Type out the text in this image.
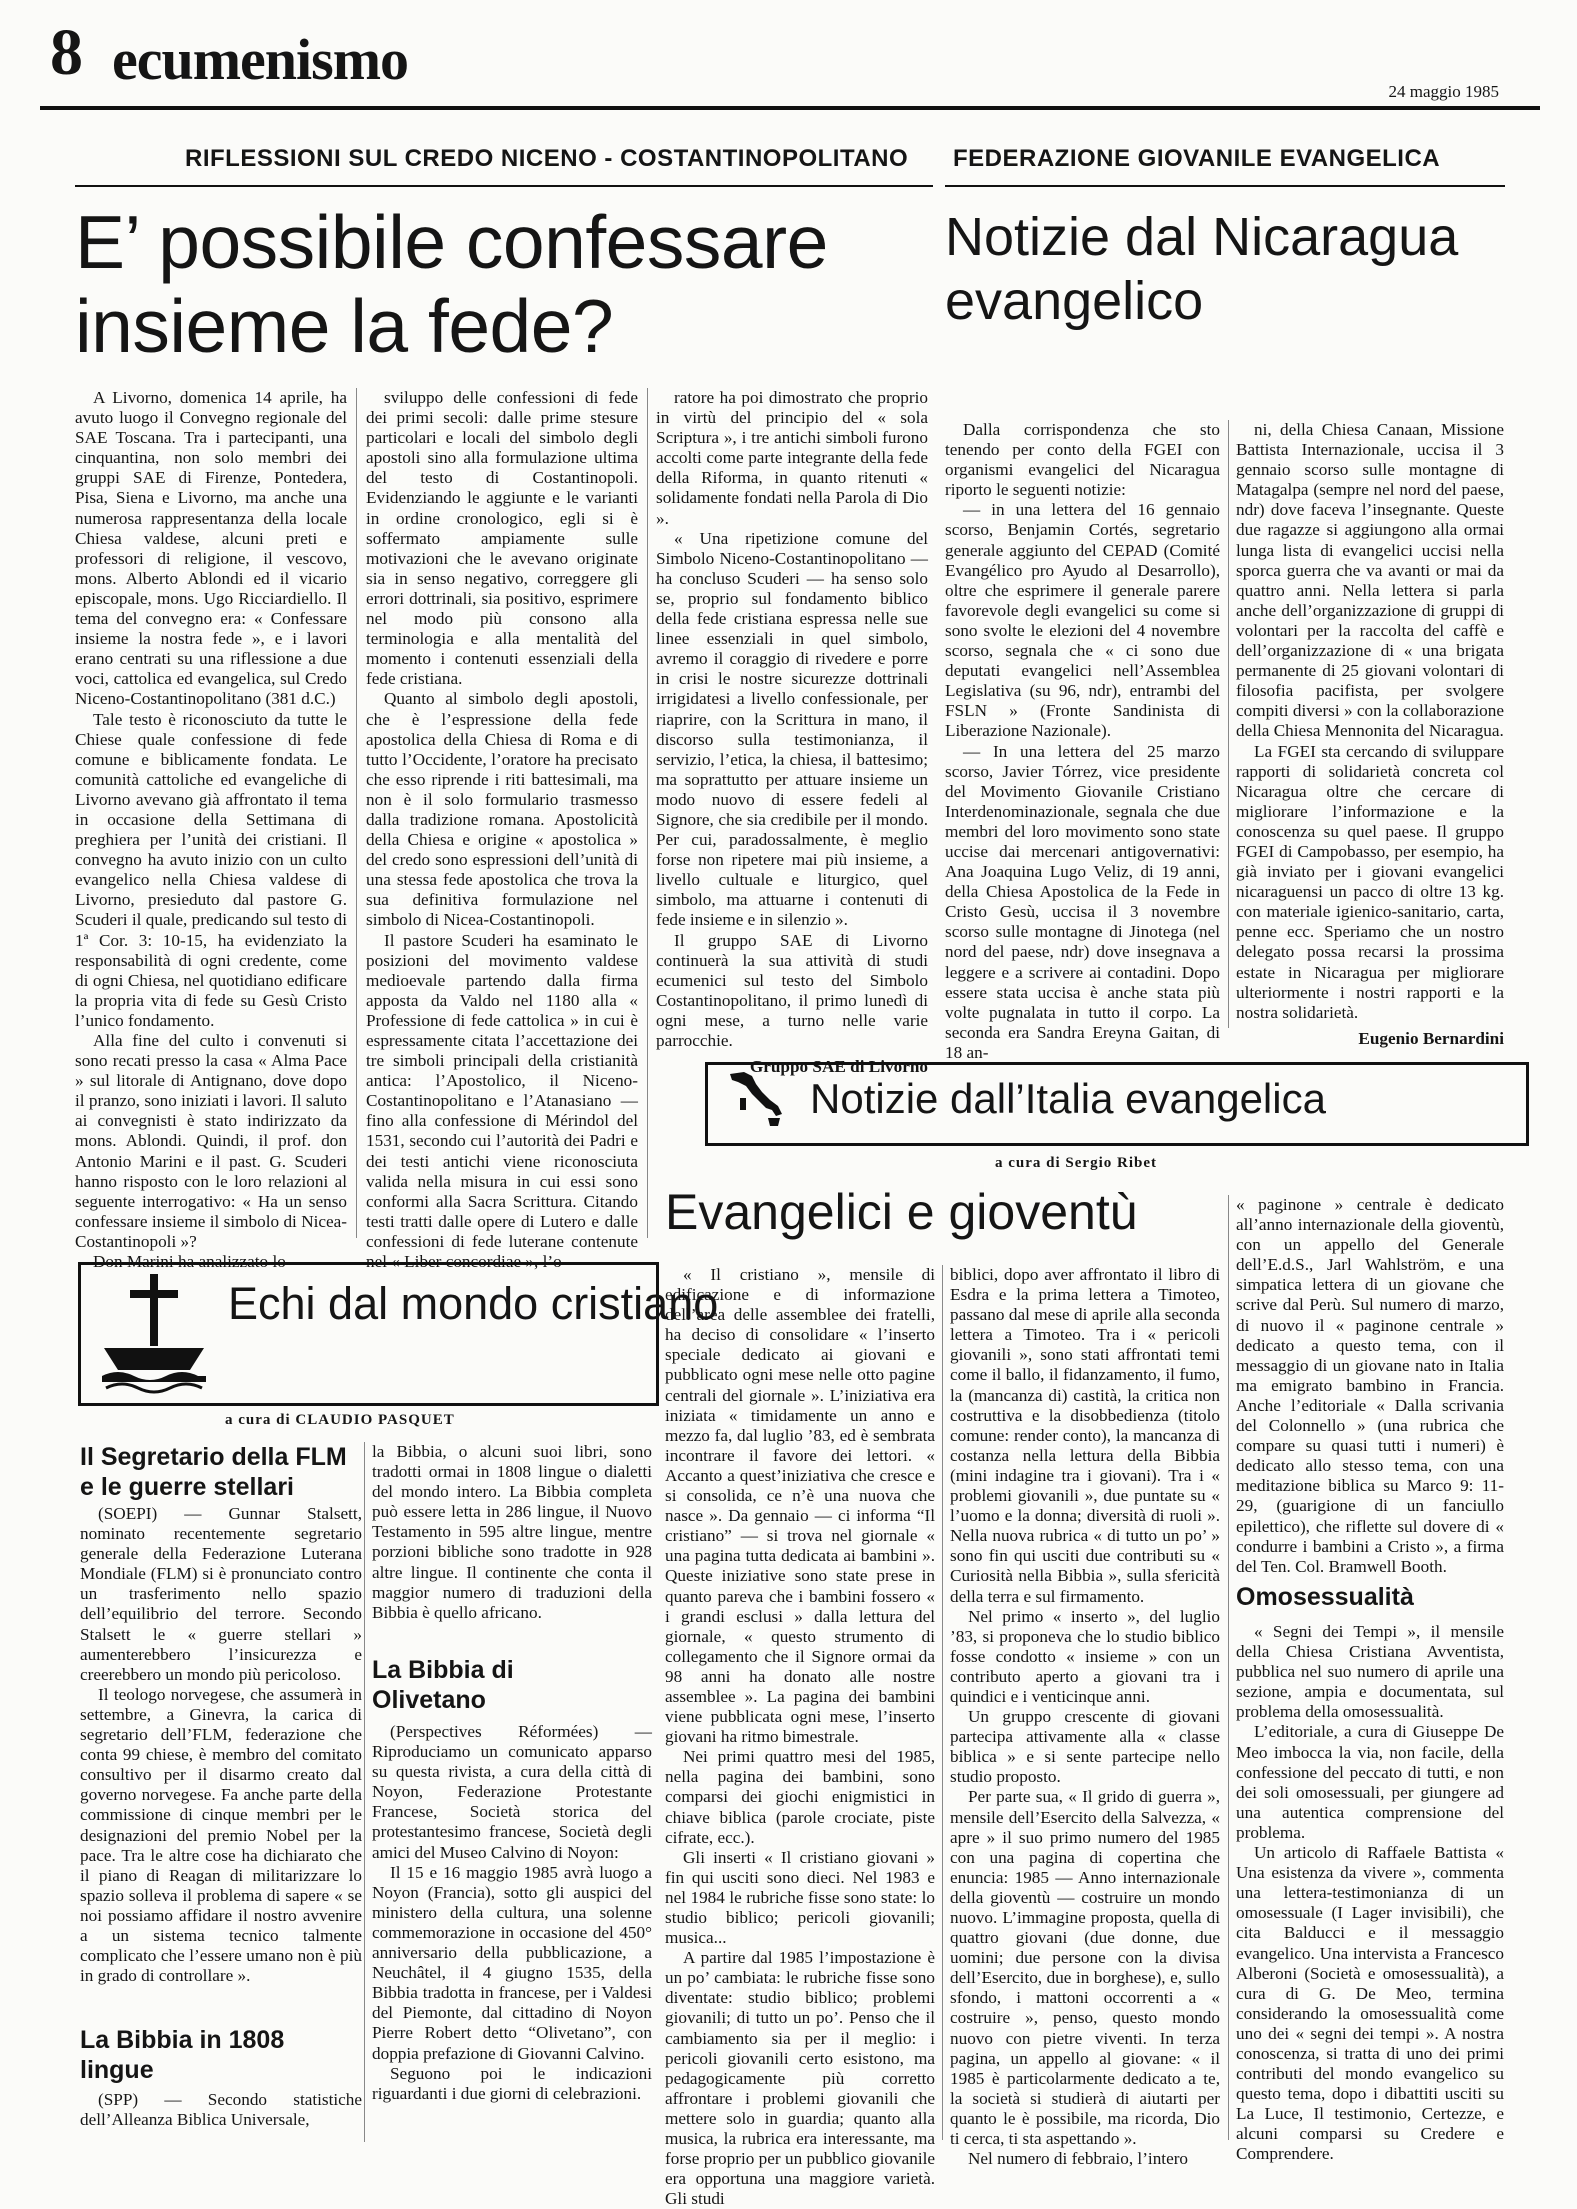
8 ecumenismo	24 maggio 1985
RIFLESSIONI SUL CREDO NICENO - COSTANTINOPOLITANO FEDERAZIONE GIOVANILE EVANGELICA
E’ possibile confessare insieme la fede?

A Livorno, domenica 14 aprile, ha avuto luogo il Convegno regionale del SAE Toscana. Tra i partecipanti, una cinquantina, non solo membri dei gruppi SAE di Firenze, Pontedera, Pisa, Siena e Livorno, ma anche una numerosa rappresentanza della locale Chiesa valdese, alcuni preti e professori di religione, il vescovo, mons. Alberto Ablondi ed il vicario episcopale, mons. Ugo Ricciardiello. Il tema del convegno era: « Confessare insieme la nostra fede », e i lavori erano centrati su una riflessione a due voci, cattolica ed evangelica, sul Credo Niceno-Costantinopolitano (381 d.C.)

Tale testo è riconosciuto da tutte le Chiese quale confessione di fede comune e biblicamente fondata. Le comunità cattoliche ed evangeliche di Livorno avevano già affrontato il tema in occasione della Settimana di preghiera per l’unità dei cristiani. Il convegno ha avuto inizio con un culto evangelico nella Chiesa valdese di Livorno, presieduto dal pastore G. Scuderi il quale, predicando sul testo di 1ª Cor. 3: 10-15, ha evidenziato la responsabilità di ogni credente, come di ogni Chiesa, nel quotidiano edificare la propria vita di fede su Gesù Cristo l’unico fondamento.

Alla fine del culto i convenuti si sono recati presso la casa « Alma Pace » sul litorale di Antignano, dove dopo il pranzo, sono iniziati i lavori. Il saluto ai convegnisti è stato indirizzato da mons. Ablondi. Quindi, il prof. don Antonio Marini e il past. G. Scuderi hanno risposto con le loro relazioni al seguente interrogativo: « Ha un senso confessare insieme il simbolo di Nicea-Costantinopoli »?

Don Marini ha analizzato lo

sviluppo delle confessioni di fede dei primi secoli: dalle prime stesure particolari e locali del simbolo degli apostoli sino alla formulazione ultima del testo di Costantinopoli. Evidenziando le aggiunte e le varianti in ordine cronologico, egli si è soffermato ampiamente sulle motivazioni che le avevano originate sia in senso negativo, correggere gli errori dottrinali, sia positivo, esprimere nel modo più consono alla terminologia e alla mentalità del momento i contenuti essenziali della fede cristiana.

Quanto al simbolo degli apostoli, che è l’espressione della fede apostolica della Chiesa di Roma e di tutto l’Occidente, l’oratore ha precisato che esso riprende i riti battesimali, ma non è il solo formulario trasmesso dalla tradizione romana. Apostolicità della Chiesa e origine « apostolica » del credo sono espressioni dell’unità di una stessa fede apostolica che trova la sua definitiva formulazione nel simbolo di Nicea-Costantinopoli.

Il pastore Scuderi ha esaminato le posizioni del movimento valdese medioevale partendo dalla firma apposta da Valdo nel 1180 alla « Professione di fede cattolica » in cui è espressamente citata l’accettazione dei tre simboli principali della cristianità antica: l’Apostolico, il Niceno-Costantinopolitano e l’Atanasiano — fino alla confessione di Mérindol del 1531, secondo cui l’autorità dei Padri e dei testi antichi viene riconosciuta valida nella misura in cui essi sono conformi alla Sacra Scrittura. Citando testi tratti dalle opere di Lutero e dalle confessioni di fede luterane contenute nel « Liber concordiae », l’o-

ratore ha poi dimostrato che proprio in virtù del principio del « sola Scriptura », i tre antichi simboli furono accolti come parte integrante della fede della Riforma, in quanto ritenuti « solidamente fondati nella Parola di Dio ».

« Una ripetizione comune del Simbolo Niceno-Costantinopolitano — ha concluso Scuderi — ha senso solo se, proprio sul fondamento biblico della fede cristiana espressa nelle sue linee essenziali in quel simbolo, avremo il coraggio di rivedere e porre in crisi le nostre sicurezze dottrinali irrigidatesi a livello confessionale, per riaprire, con la Scrittura in mano, il discorso sulla testimonianza, il servizio, l’etica, la chiesa, il battesimo; ma soprattutto per attuare insieme un modo nuovo di essere fedeli al Signore, che sia credibile per il mondo. Per cui, paradossalmente, è meglio forse non ripetere mai più insieme, a livello cultuale e liturgico, quel simbolo, ma attuarne i contenuti di fede insieme e in silenzio ».

Il gruppo SAE di Livorno continuerà la sua attività di studi ecumenici sul testo del Simbolo Costantinopolitano, il primo lunedì di ogni mese, a turno nelle varie parrocchie.

Gruppo SAE di Livorno

Notizie dal Nicaragua evangelico

Dalla corrispondenza che sto tenendo per conto della FGEI con organismi evangelici del Nicaragua riporto le seguenti notizie:

— in una lettera del 16 gennaio scorso, Benjamin Cortés, segretario generale aggiunto del CEPAD (Comité Evangélico pro Ayudo al Desarrollo), oltre che esprimere il generale parere favorevole degli evangelici su come si sono svolte le elezioni del 4 novembre scorso, segnala che « ci sono due deputati evangelici nell’Assemblea Legislativa (su 96, ndr), entrambi del FSLN » (Fronte Sandinista di Liberazione Nazionale).

— In una lettera del 25 marzo scorso, Javier Tórrez, vice presidente del Movimento Giovanile Cristiano Interdenominazionale, segnala che due membri del loro movimento sono state uccise dai mercenari antigovernativi: Ana Joaquina Lugo Veliz, di 19 anni, della Chiesa Apostolica de la Fede in Cristo Gesù, uccisa il 3 novembre scorso sulle montagne di Jinotega (nel nord del paese, ndr) dove insegnava a leggere e a scrivere ai contadini. Dopo essere stata uccisa è anche stata più volte pugnalata in tutto il corpo. La seconda era Sandra Ereyna Gaitan, di 18 an-

ni, della Chiesa Canaan, Missione Battista Internazionale, uccisa il 3 gennaio scorso sulle montagne di Matagalpa (sempre nel nord del paese, ndr) dove faceva l’insegnante. Queste due ragazze si aggiungono alla ormai lunga lista di evangelici uccisi nella sporca guerra che va avanti or mai da quattro anni. Nella lettera si parla anche dell’organizzazione di gruppi di volontari per la raccolta del caffè e dell’organizzazione di « una brigata permanente di 25 giovani volontari di filosofia pacifista, per svolgere compiti diversi » con la collaborazione della Chiesa Mennonita del Nicaragua.

La FGEI sta cercando di sviluppare rapporti di solidarietà concreta col Nicaragua oltre che cercare di migliorare l’informazione e la conoscenza su quel paese. Il gruppo FGEI di Campobasso, per esempio, ha già inviato per i giovani evangelici nicaraguensi un pacco di oltre 13 kg. con materiale igienico-sanitario, carta, penne ecc. Speriamo che un nostro delegato possa recarsi la prossima estate in Nicaragua per migliorare ulteriormente i nostri rapporti e la nostra solidarietà.

Eugenio Bernardini

Notizie dall’Italia evangelica
a cura di Sergio Ribet
Evangelici e gioventù
Echi dal mondo cristiano
a cura di CLAUDIO PASQUET
Il Segretario della FLM e le guerre stellari

(SOEPI) — Gunnar Stalsett, nominato recentemente segretario generale della Federazione Luterana Mondiale (FLM) si è pronunciato contro un trasferimento nello spazio dell’equilibrio del terrore. Secondo Stalsett le « guerre stellari » aumenterebbero l’insicurezza e creerebbero un mondo più pericoloso.

Il teologo norvegese, che assumerà in settembre, a Ginevra, la carica di segretario dell’FLM, federazione che conta 99 chiese, è membro del comitato consultivo per il disarmo creato dal governo norvegese. Fa anche parte della commissione di cinque membri per le designazioni del premio Nobel per la pace. Tra le altre cose ha dichiarato che il piano di Reagan di militarizzare lo spazio solleva il problema di sapere « se noi possiamo affidare il nostro avvenire a un sistema tecnico talmente complicato che l’essere umano non è più in grado di controllare ».

La Bibbia in 1808 lingue

(SPP) — Secondo statistiche dell’Alleanza Biblica Universale,

la Bibbia, o alcuni suoi libri, sono tradotti ormai in 1808 lingue o dialetti del mondo intero. La Bibbia completa può essere letta in 286 lingue, il Nuovo Testamento in 595 altre lingue, mentre porzioni bibliche sono tradotte in 928 altre lingue. Il continente che conta il maggior numero di traduzioni della Bibbia è quello africano.

La Bibbia di Olivetano

(Perspectives Réformées) — Riproduciamo un comunicato apparso su questa rivista, a cura della città di Noyon, Federazione Protestante Francese, Società storica del protestantesimo francese, Società degli amici del Museo Calvino di Noyon:

Il 15 e 16 maggio 1985 avrà luogo a Noyon (Francia), sotto gli auspici del ministero della cultura, una solenne commemorazione in occasione del 450° anniversario della pubblicazione, a Neuchâtel, il 4 giugno 1535, della Bibbia tradotta in francese, per i Valdesi del Piemonte, dal cittadino di Noyon Pierre Robert detto “Olivetano”, con doppia prefazione di Giovanni Calvino.

Seguono poi le indicazioni riguardanti i due giorni di celebrazioni.

« Il cristiano », mensile di edificazione e di informazione dell’area delle assemblee dei fratelli, ha deciso di consolidare « l’inserto speciale dedicato ai giovani e pubblicato ogni mese nelle otto pagine centrali del giornale ». L’iniziativa era iniziata « timidamente un anno e mezzo fa, dal luglio ’83, ed è sembrata incontrare il favore dei lettori. « Accanto a quest’iniziativa che cresce e si consolida, ce n’è una nuova che nasce ». Da gennaio — ci informa “Il cristiano” — si trova nel giornale « una pagina tutta dedicata ai bambini ». Queste iniziative sono state prese in quanto pareva che i bambini fossero « i grandi esclusi » dalla lettura del giornale, « questo strumento di collegamento che il Signore ormai da 98 anni ha donato alle nostre assemblee ». La pagina dei bambini viene pubblicata ogni mese, l’inserto giovani ha ritmo bimestrale.

Nei primi quattro mesi del 1985, nella pagina dei bambini, sono comparsi dei giochi enigmistici in chiave biblica (parole crociate, piste cifrate, ecc.).

Gli inserti « Il cristiano giovani » fin qui usciti sono dieci. Nel 1983 e nel 1984 le rubriche fisse sono state: lo studio biblico; pericoli giovanili; musica...

A partire dal 1985 l’impostazione è un po’ cambiata: le rubriche fisse sono diventate: studio biblico; problemi giovanili; di tutto un po’. Penso che il cambiamento sia per il meglio: i pericoli giovanili certo esistono, ma pedagogicamente più corretto affrontare i problemi giovanili che mettere solo in guardia; quanto alla musica, la rubrica era interessante, ma forse proprio per un pubblico giovanile era opportuna una maggiore varietà. Gli studi

biblici, dopo aver affrontato il libro di Esdra e la prima lettera a Timoteo, passano dal mese di aprile alla seconda lettera a Timoteo. Tra i « pericoli giovanili », sono stati affrontati temi come il ballo, il fidanzamento, il fumo, la (mancanza di) castità, la critica non costruttiva e la disobbedienza (titolo comune: render conto), la mancanza di costanza nella lettura della Bibbia (mini indagine tra i giovani). Tra i « problemi giovanili », due puntate su « l’uomo e la donna; diversità di ruoli ». Nella nuova rubrica « di tutto un po’ » sono fin qui usciti due contributi su « Curiosità nella Bibbia », sulla sfericità della terra e sul firmamento.

Nel primo « inserto », del luglio ’83, si proponeva che lo studio biblico fosse condotto « insieme » con un contributo aperto a giovani tra i quindici e i venticinque anni.

Un gruppo crescente di giovani partecipa attivamente alla « classe biblica » e si sente partecipe nello studio proposto.

Per parte sua, « Il grido di guerra », mensile dell’Esercito della Salvezza, « apre » il suo primo numero del 1985 con una pagina di copertina che enuncia: 1985 — Anno internazionale della gioventù — costruire un mondo nuovo. L’immagine proposta, quella di quattro giovani (due donne, due uomini; due persone con la divisa dell’Esercito, due in borghese), e, sullo sfondo, i mattoni occorrenti a « costruire », penso, questo mondo nuovo con pietre viventi. In terza pagina, un appello al giovane: « il 1985 è particolarmente dedicato a te, la società si studierà di aiutarti per quanto le è possibile, ma ricorda, Dio ti cerca, ti sta aspettando ».

Nel numero di febbraio, l’intero

« paginone » centrale è dedicato all’anno internazionale della gioventù, con un appello del Generale dell’E.d.S., Jarl Wahlström, e una simpatica lettera di un giovane che scrive dal Perù. Sul numero di marzo, di nuovo il « paginone centrale » dedicato a questo tema, con il messaggio di un giovane nato in Italia ma emigrato bambino in Francia. Anche l’editoriale « Dalla scrivania del Colonnello » (una rubrica che compare su quasi tutti i numeri) è dedicato allo stesso tema, con una meditazione biblica su Marco 9: 11-29, (guarigione di un fanciullo epilettico), che riflette sul dovere di « condurre i bambini a Cristo », a firma del Ten. Col. Bramwell Booth.

Omosessualità

« Segni dei Tempi », il mensile della Chiesa Cristiana Avventista, pubblica nel suo numero di aprile una sezione, ampia e documentata, sul problema della omosessualità.

L’editoriale, a cura di Giuseppe De Meo imbocca la via, non facile, della confessione del peccato di tutti, e non dei soli omosessuali, per giungere ad una autentica comprensione del problema.

Un articolo di Raffaele Battista « Una esistenza da vivere », commenta una lettera-testimonianza di un omosessuale (I Lager invisibili), che cita Balducci e il messaggio evangelico. Una intervista a Francesco Alberoni (Società e omosessualità), a cura di G. De Meo, termina considerando la omosessualità come uno dei « segni dei tempi ». A nostra conoscenza, si tratta di uno dei primi contributi del mondo evangelico su questo tema, dopo i dibattiti usciti su La Luce, Il testimonio, Certezze, e alcuni comparsi su Credere e Comprendere.
